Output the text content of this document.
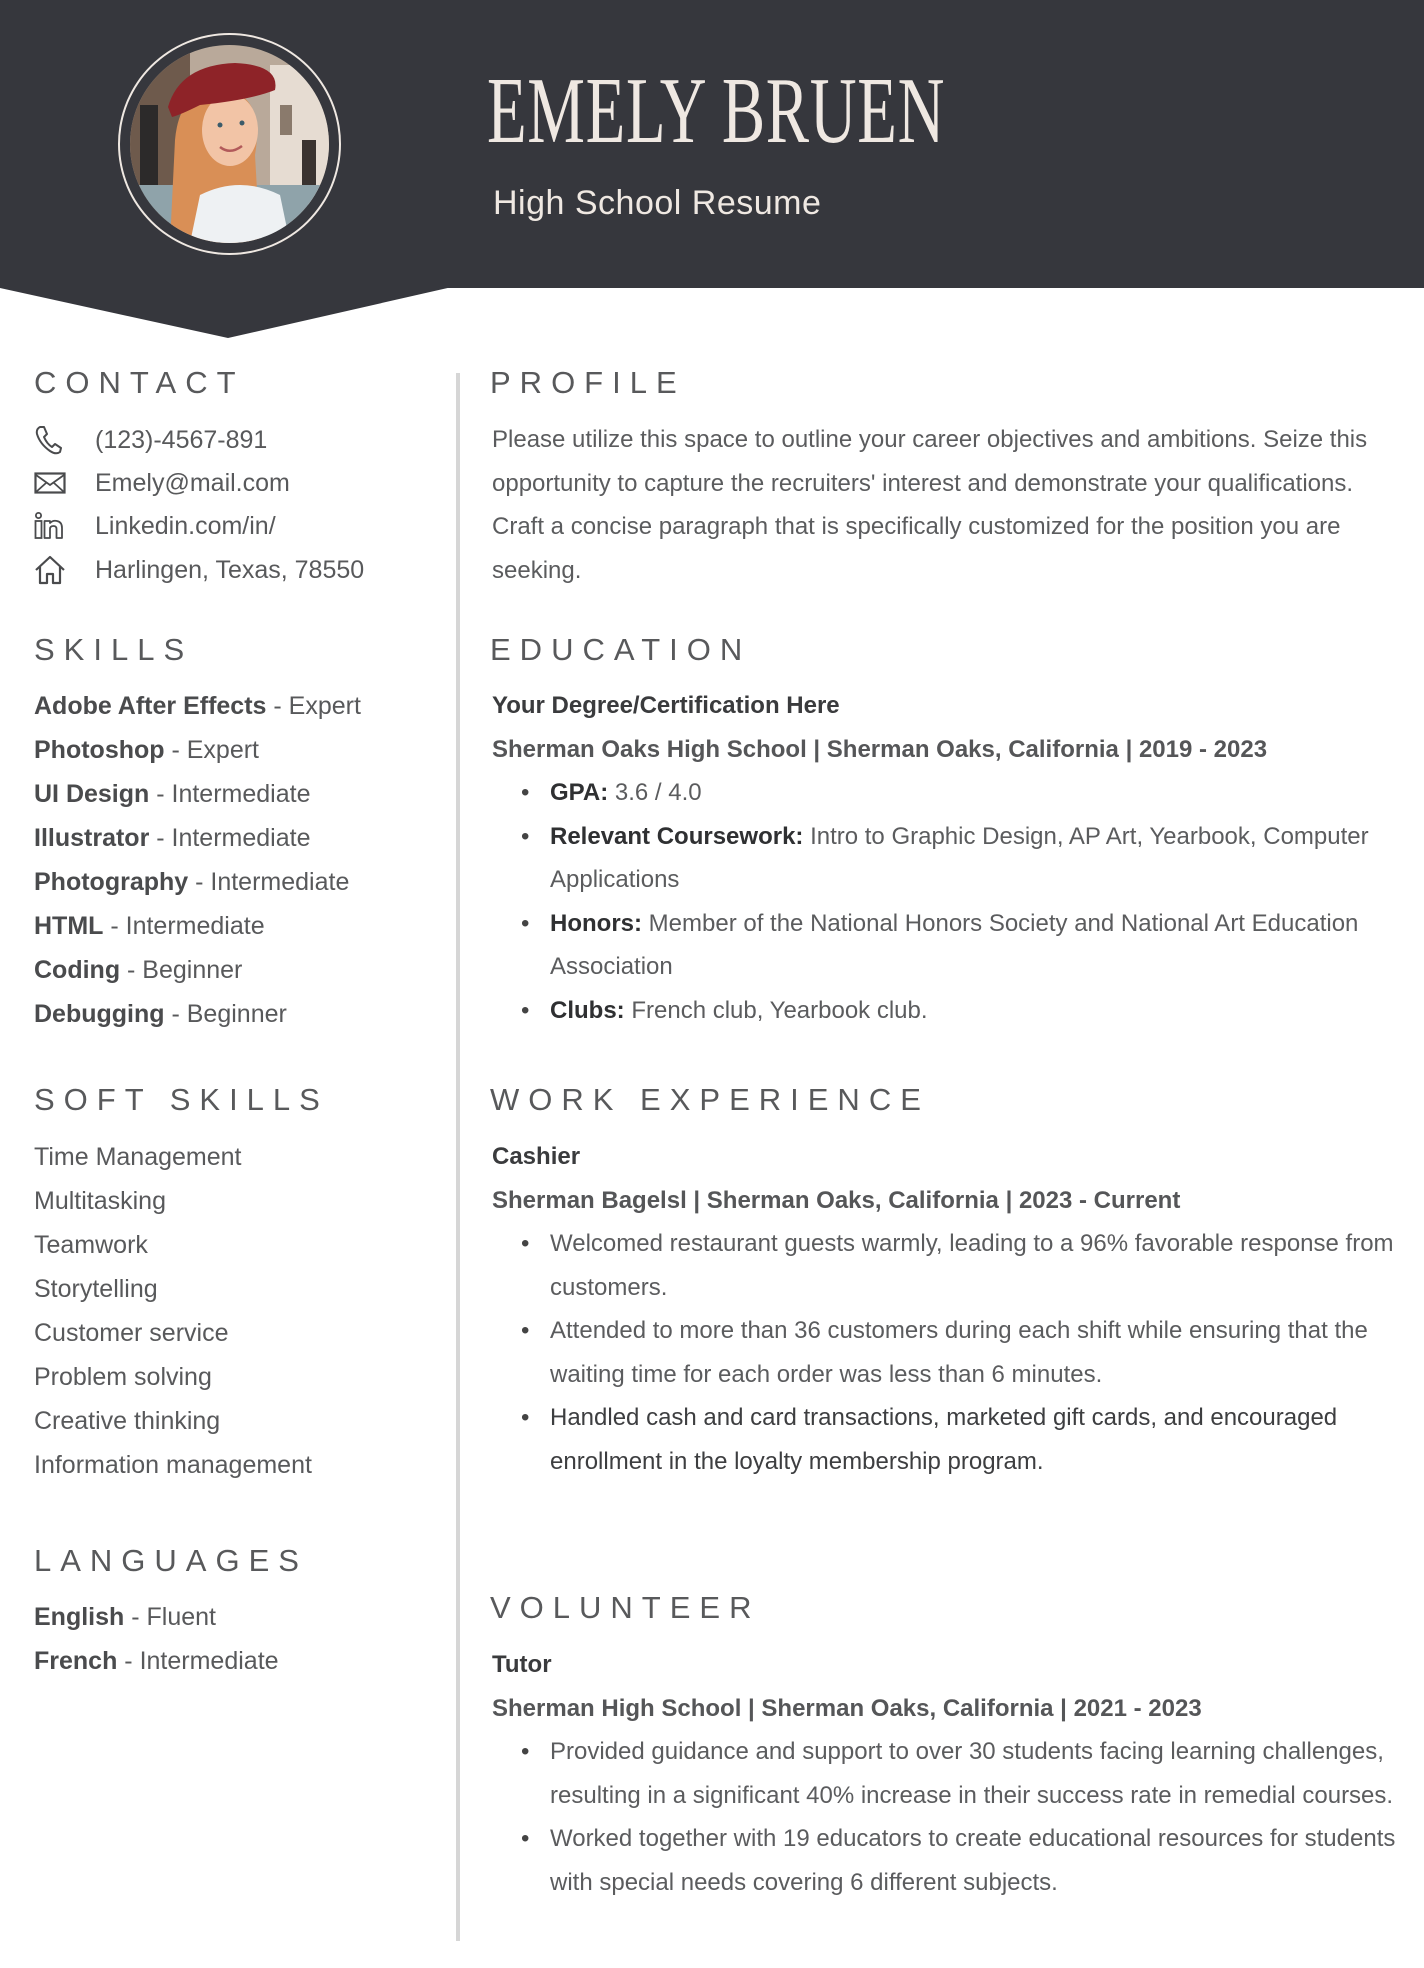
EMELY BRUEN
High School Resume
CONTACT
(123)-4567-891
Emely@mail.com
Linkedin.com/in/
Harlingen, Texas, 78550
SKILLS
Adobe After Effects - Expert
Photoshop - Expert
UI Design - Intermediate
Illustrator - Intermediate
Photography - Intermediate
HTML - Intermediate
Coding - Beginner
Debugging - Beginner
SOFT SKILLS
Time Management
Multitasking
Teamwork
Storytelling
Customer service
Problem solving
Creative thinking
Information management
LANGUAGES
English - Fluent
French - Intermediate
PROFILE

Please utilize this space to outline your career objectives and ambitions. Seize this opportunity to capture the recruiters' interest and demonstrate your qualifications. Craft a concise paragraph that is specifically customized for the position you are seeking.

EDUCATION
Your Degree/Certification Here
Sherman Oaks High School | Sherman Oaks, California | 2019 - 2023
• GPA: 3.6 / 4.0
• Relevant Coursework: Intro to Graphic Design, AP Art, Yearbook, Computer Applications
• Honors: Member of the National Honors Society and National Art Education Association
• Clubs: French club, Yearbook club.
WORK EXPERIENCE
Cashier
Sherman Bagelsl | Sherman Oaks, California | 2023 - Current
• Welcomed restaurant guests warmly, leading to a 96% favorable response from customers.
• Attended to more than 36 customers during each shift while ensuring that the waiting time for each order was less than 6 minutes.
• Handled cash and card transactions, marketed gift cards, and encouraged enrollment in the loyalty membership program.
VOLUNTEER
Tutor
Sherman High School | Sherman Oaks, California | 2021 - 2023
• Provided guidance and support to over 30 students facing learning challenges, resulting in a significant 40% increase in their success rate in remedial courses.
• Worked together with 19 educators to create educational resources for students with special needs covering 6 different subjects.
